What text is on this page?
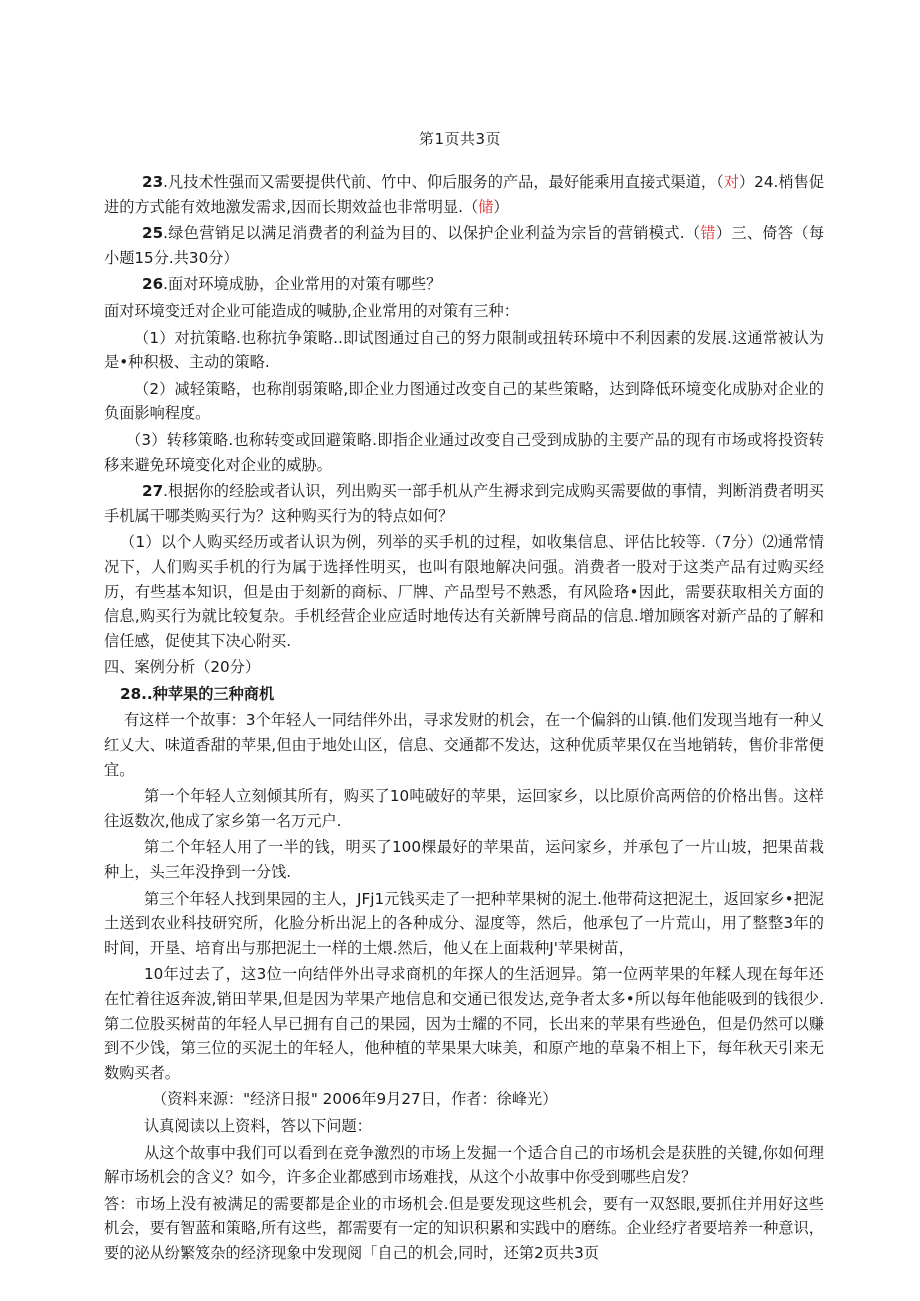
笫1页共3页

23.凡技术性强而又需要提供代前、竹中、仰后服务的产品，最好能乘用直接式渠道，（对）24.梢售促进的方式能有效地激发需求,因而长期效益也非常明显.（储）

25.绿色营销足以满足消费者的利益为目的、以保护企业利益为宗旨的营销模式.（错）三、倚答（每小题15分.共30分）

26.面对环境成胁，企业常用的对策有哪些？

面对环境变迁对企业可能造成的喊胁,企业常用的对策有三种：

（1）对抗策略.也称抗争策略..即试图通过自己的努力限制或扭转环境中不利因素的发展.这通常被认为是•种积极、主动的策略.

（2）减轻策略，也称削弱策略,即企业力图通过改变自己的某些策略，达到降低环境变化成胁对企业的负面影响程度。

（3）转移策略.也称转变或回避策略.即指企业通过改变自己受到成胁的主要产品的现有市场或将投资转移来避免环境变化对企业的威胁。

27.根据你的经脍或者认识，列出购买一部手机从产生褥求到完成购买需要做的事情，判断消费者明买手机属干哪类购买行为？这种购买行为的特点如何？

（1）以个人购买经历或者认识为例，列举的买手机的过程，如收集信息、评估比较等.（7分）⑵通常情况下，人们购买手机的行为属于选择性明买，也叫有限地解决问强。消费者一股对于这类产品有过购买经历，有些基本知识，但是由于刻新的商标、厂牌、产品型号不熟悉，有风险珞•因此，需要获取相关方面的信息,购买行为就比较复杂。手机经营企业应适时地传达有关新牌号商品的信息.增加顾客对新产品的了解和信任感，促使其下决心附买.

四、案例分析（20分）

28..种苹果的三种商机

有这样一个故事：3个年轻人一同结伴外出，寻求发财的机会，在一个偏斜的山镇.他们发现当地有一种乂红乂大、味道香甜的苹果,但由于地处山区，信息、交通都不发达，这种优质苹果仅在当地销转，售价非常便宜。

第一个年轻人立刻倾其所有，购买了10吨破好的苹果，运回家乡，以比原价高两倍的价格出售。这样往返数次,他成了家乡第一名万元户.

第二个年轻人用了一半的钱，明买了100棵最好的苹果苗，运问家乡，并承包了一片山坡，把果苗栽种上，头三年没挣到一分饯.

第三个年轻人找到果园的主人，JFj1元钱买走了一把种苹果树的泥土.他带荷这把泥土，返回家乡•把泥土送到农业科技研究所，化脸分析出泥上的各种成分、湿度等，然后，他承包了一片荒山，用了整整3年的时间，开垦、培育出与那把泥土一样的土煨.然后，他乂在上面栽种J'苹果树苗，

10年过去了，这3位一向结伴外出寻求商机的年探人的生活迥异。第一位两苹果的年糅人现在每年还在忙着往返奔波,销田苹果,但是因为苹果产地信息和交通已很发达,竞争者太多•所以每年他能吸到的钱很少.第二位股买树苗的年轻人早已拥有自己的果园，因为士耀的不同，长出来的苹果有些逊色，但是仍然可以赚到不少饯，第三位的买泥土的年轻人，他种植的苹果果大味美，和原产地的草枭不相上下，每年秋天引来无数购买者。

（资料来源："经济日报" 2006年9月27日，作者：徐峰光）

认真阅读以上资料，答以下问题：

从这个故事中我们可以看到在竞争激烈的市场上发掘一个适合自己的市场机会是获胜的关键,你如何理解市场机会的含义？如今，许多企业都感到市场难找，从这个小故事中你受到哪些启发？

答：市场上没有被满足的需要都是企业的市场机会.但是要发现这些机会，要有一双怒眼,要抓住并用好这些机会，要有智蓝和策略,所有这些，都需要有一定的知识积累和实践中的磨练。企业经疗者要培养一种意识，要的泌从纷繁笈杂的经济现象中发现阅「自己的机会,同时，还第2页共3页
